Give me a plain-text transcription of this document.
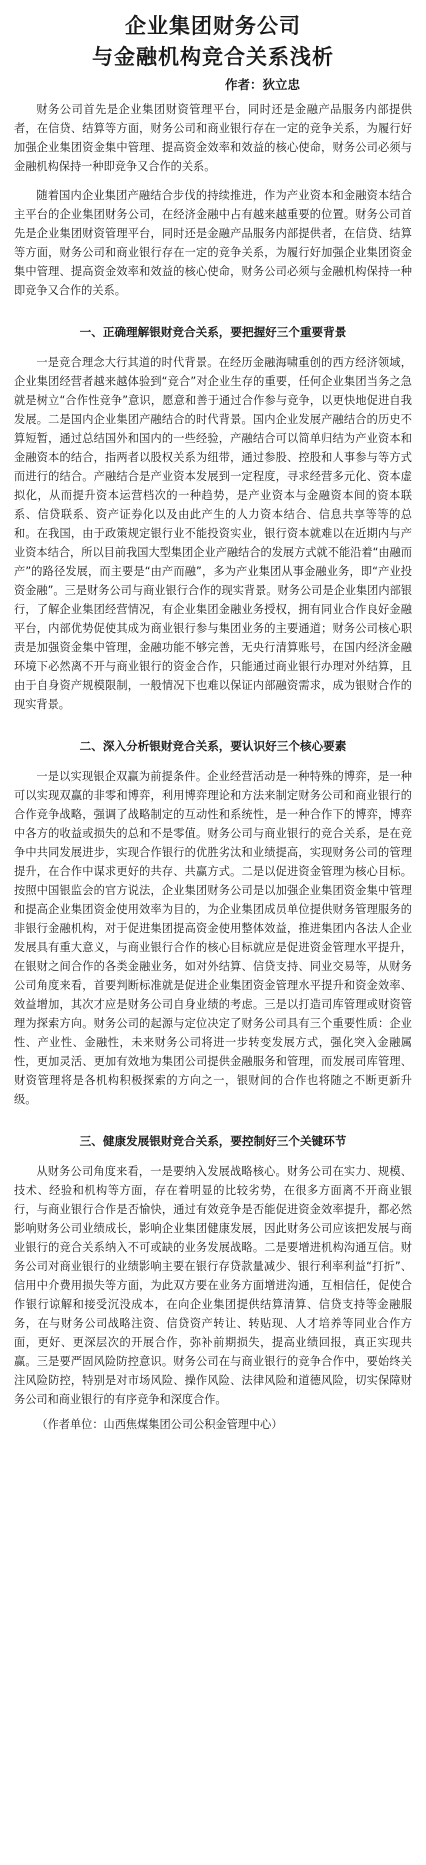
企业集团财务公司
与金融机构竞合关系浅析
作者：狄立忠

财务公司首先是企业集团财资管理平台，同时还是金融产品服务内部提供者，在信贷、结算等方面，财务公司和商业银行存在一定的竞争关系，为履行好加强企业集团资金集中管理、提高资金效率和效益的核心使命，财务公司必须与金融机构保持一种即竞争又合作的关系。

随着国内企业集团产融结合步伐的持续推进，作为产业资本和金融资本结合主平台的企业集团财务公司，在经济金融中占有越来越重要的位置。财务公司首先是企业集团财资管理平台，同时还是金融产品服务内部提供者，在信贷、结算等方面，财务公司和商业银行存在一定的竞争关系，为履行好加强企业集团资金集中管理、提高资金效率和效益的核心使命，财务公司必须与金融机构保持一种即竞争又合作的关系。

一、正确理解银财竞合关系，要把握好三个重要背景

一是竞合理念大行其道的时代背景。在经历金融海啸重创的西方经济领域，企业集团经营者越来越体验到“竞合”对企业生存的重要，任何企业集团当务之急就是树立“合作性竞争”意识，愿意和善于通过合作参与竞争，以更快地促进自我发展。二是国内企业集团产融结合的时代背景。国内企业发展产融结合的历史不算短暂，通过总结国外和国内的一些经验，产融结合可以简单归结为产业资本和金融资本的结合，指两者以股权关系为纽带，通过参股、控股和人事参与等方式而进行的结合。产融结合是产业资本发展到一定程度，寻求经营多元化、资本虚拟化，从而提升资本运营档次的一种趋势，是产业资本与金融资本间的资本联系、信贷联系、资产证券化以及由此产生的人力资本结合、信息共享等等的总和。在我国，由于政策规定银行业不能投资实业，银行资本就难以在近期内与产业资本结合，所以目前我国大型集团企业产融结合的发展方式就不能沿着“由融而产”的路径发展，而主要是“由产而融”，多为产业集团从事金融业务，即“产业投资金融”。三是财务公司与商业银行合作的现实背景。财务公司是企业集团内部银行，了解企业集团经营情况，有企业集团金融业务授权，拥有同业合作良好金融平台，内部优势促使其成为商业银行参与集团业务的主要通道；财务公司核心职责是加强资金集中管理，金融功能不够完善，无央行清算账号，在国内经济金融环境下必然离不开与商业银行的资金合作，只能通过商业银行办理对外结算，且由于自身资产规模限制，一般情况下也难以保证内部融资需求，成为银财合作的现实背景。

二、深入分析银财竞合关系，要认识好三个核心要素

一是以实现银企双赢为前提条件。企业经营活动是一种特殊的博弈，是一种可以实现双赢的非零和博弈，利用博弈理论和方法来制定财务公司和商业银行的合作竞争战略，强调了战略制定的互动性和系统性，是一种合作下的博弈，博弈中各方的收益或损失的总和不是零值。财务公司与商业银行的竞合关系，是在竞争中共同发展进步，实现合作银行的优胜劣汰和业绩提高，实现财务公司的管理提升，在合作中谋求更好的共存、共赢方式。二是以促进资金管理为核心目标。按照中国银监会的官方说法，企业集团财务公司是以加强企业集团资金集中管理和提高企业集团资金使用效率为目的，为企业集团成员单位提供财务管理服务的非银行金融机构，对于促进集团提高资金使用整体效益，推进集团内各法人企业发展具有重大意义，与商业银行合作的核心目标就应是促进资金管理水平提升，在银财之间合作的各类金融业务，如对外结算、信贷支持、同业交易等，从财务公司角度来看，首要判断标准就是促进企业集团资金管理水平提升和资金效率、效益增加，其次才应是财务公司自身业绩的考虑。三是以打造司库管理或财资管理为探索方向。财务公司的起源与定位决定了财务公司具有三个重要性质：企业性、产业性、金融性，未来财务公司将进一步转变发展方式，强化突入金融属性，更加灵活、更加有效地为集团公司提供金融服务和管理，而发展司库管理、财资管理将是各机构积极探索的方向之一，银财间的合作也将随之不断更新升级。

三、健康发展银财竞合关系，要控制好三个关键环节

从财务公司角度来看，一是要纳入发展战略核心。财务公司在实力、规模、技术、经验和机构等方面，存在着明显的比较劣势，在很多方面离不开商业银行，与商业银行合作是否愉快，通过有效竞争是否能促进资金效率提升，都必然影响财务公司业绩成长，影响企业集团健康发展，因此财务公司应该把发展与商业银行的竞合关系纳入不可或缺的业务发展战略。二是要增进机构沟通互信。财务公司对商业银行的业绩影响主要在银行存贷款量减少、银行利率利益“打折”、信用中介费用损失等方面，为此双方要在业务方面增进沟通，互相信任，促使合作银行谅解和接受沉没成本，在向企业集团提供结算清算、信贷支持等金融服务，在与财务公司战略注资、信贷资产转让、转贴现、人才培养等同业合作方面，更好、更深层次的开展合作，弥补前期损失，提高业绩回报，真正实现共赢。三是要严固风险防控意识。财务公司在与商业银行的竞争合作中，要始终关注风险防控，特别是对市场风险、操作风险、法律风险和道德风险，切实保障财务公司和商业银行的有序竞争和深度合作。

（作者单位：山西焦煤集团公司公积金管理中心）
